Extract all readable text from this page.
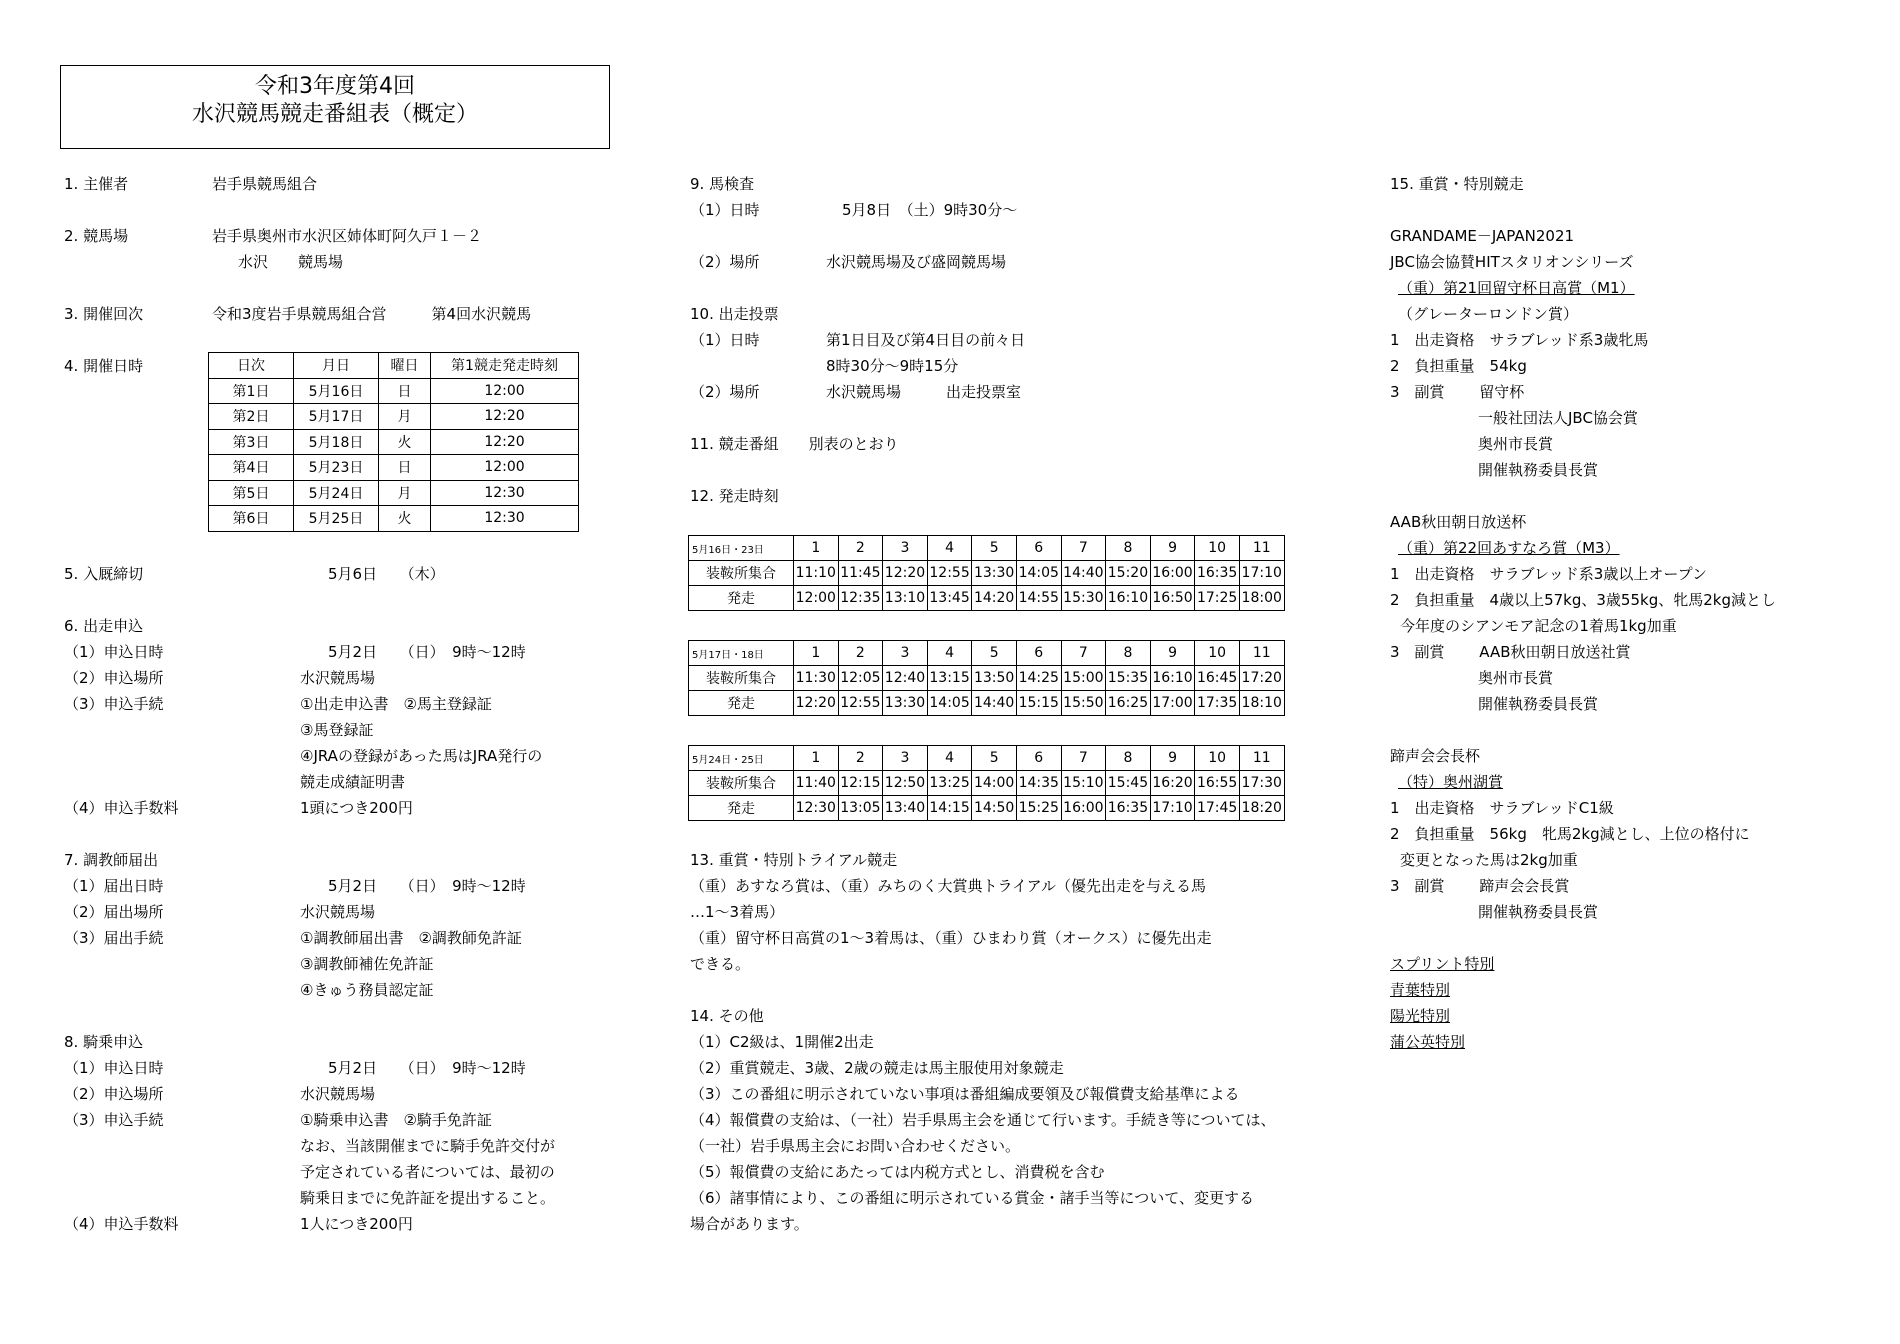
令和3年度第4回
水沢競馬競走番組表（概定）
1. 主催者	岩手県競馬組合
2. 競馬場	岩手県奥州市水沢区姉体町阿久戸１－２
水沢　　競馬場
3. 開催回次	令和3度岩手県競馬組合営　　　第4回水沢競馬
4. 開催日時	日次	月日	曜日	第1競走発走時刻
第1日	5月16日	日	12:00
第2日	5月17日	月	12:20
第3日	5月18日	火	12:20
第4日	5月23日	日	12:00
第5日	5月24日	月	12:30
第6日	5月25日	火	12:30
5. 入厩締切	5月6日　　（木）
6. 出走申込
（1）申込日時	5月2日　　（日）　9時～12時
（2）申込場所	水沢競馬場
（3）申込手続	①出走申込書　②馬主登録証
③馬登録証
④JRAの登録があった馬はJRA発行の
競走成績証明書
（4）申込手数料	1頭につき200円
7. 調教師届出
（1）届出日時	5月2日　　（日）　9時～12時
（2）届出場所	水沢競馬場
（3）届出手続	①調教師届出書　②調教師免許証
③調教師補佐免許証
④きゅう務員認定証
8. 騎乗申込
（1）申込日時	5月2日　　（日）　9時～12時
（2）申込場所	水沢競馬場
（3）申込手続	①騎乗申込書　②騎手免許証
なお、当該開催までに騎手免許交付が
予定されている者については、最初の
騎乗日までに免許証を提出すること。
（4）申込手数料	1人につき200円
9. 馬検査
（1）日時	5月8日　（土）9時30分～
（2）場所	水沢競馬場及び盛岡競馬場
10. 出走投票
（1）日時	第1日目及び第4日目の前々日
8時30分～9時15分
（2）場所	水沢競馬場　　　出走投票室
11. 競走番組　　別表のとおり
12. 発走時刻
5月16日・23日	1	2	3	4	5	6	7	8	9	10	11
装鞍所集合	11:10	11:45	12:20	12:55	13:30	14:05	14:40	15:20	16:00	16:35	17:10
発走	12:00	12:35	13:10	13:45	14:20	14:55	15:30	16:10	16:50	17:25	18:00
5月17日・18日	1	2	3	4	5	6	7	8	9	10	11
装鞍所集合	11:30	12:05	12:40	13:15	13:50	14:25	15:00	15:35	16:10	16:45	17:20
発走	12:20	12:55	13:30	14:05	14:40	15:15	15:50	16:25	17:00	17:35	18:10
5月24日・25日	1	2	3	4	5	6	7	8	9	10	11
装鞍所集合	11:40	12:15	12:50	13:25	14:00	14:35	15:10	15:45	16:20	16:55	17:30
発走	12:30	13:05	13:40	14:15	14:50	15:25	16:00	16:35	17:10	17:45	18:20
13. 重賞・特別トライアル競走
（重）あすなろ賞は、（重）みちのく大賞典トライアル（優先出走を与える馬
…1～3着馬）
（重）留守杯日高賞の1～3着馬は、（重）ひまわり賞（オークス）に優先出走
できる。
14. その他
（1）C2級は、1開催2出走
（2）重賞競走、3歳、2歳の競走は馬主服使用対象競走
（3）この番組に明示されていない事項は番組編成要領及び報償費支給基準による
（4）報償費の支給は、（一社）岩手県馬主会を通じて行います。手続き等については、
（一社）岩手県馬主会にお問い合わせください。
（5）報償費の支給にあたっては内税方式とし、消費税を含む
（6）諸事情により、この番組に明示されている賞金・諸手当等について、変更する
場合があります。
15. 重賞・特別競走
GRANDAME－JAPAN2021
JBC協会協賛HITスタリオンシリーズ
（重）第21回留守杯日高賞（M1）
（グレーターロンドン賞）
1　出走資格　サラブレッド系3歳牝馬
2　負担重量　54kg
3　副賞　　 留守杯
一般社団法人JBC協会賞
奥州市長賞
開催執務委員長賞
AAB秋田朝日放送杯
（重）第22回あすなろ賞（M3）
1　出走資格　サラブレッド系3歳以上オープン
2　負担重量　4歳以上57kg、3歳55kg、牝馬2kg減とし
今年度のシアンモア記念の1着馬1kg加重
3　副賞　　 AAB秋田朝日放送社賞
奥州市長賞
開催執務委員長賞
蹄声会会長杯
（特）奥州湖賞
1　出走資格　サラブレッドC1級
2　負担重量　56kg　牝馬2kg減とし、上位の格付に
変更となった馬は2kg加重
3　副賞　　 蹄声会会長賞
開催執務委員長賞
スプリント特別
青葉特別
陽光特別
蒲公英特別
